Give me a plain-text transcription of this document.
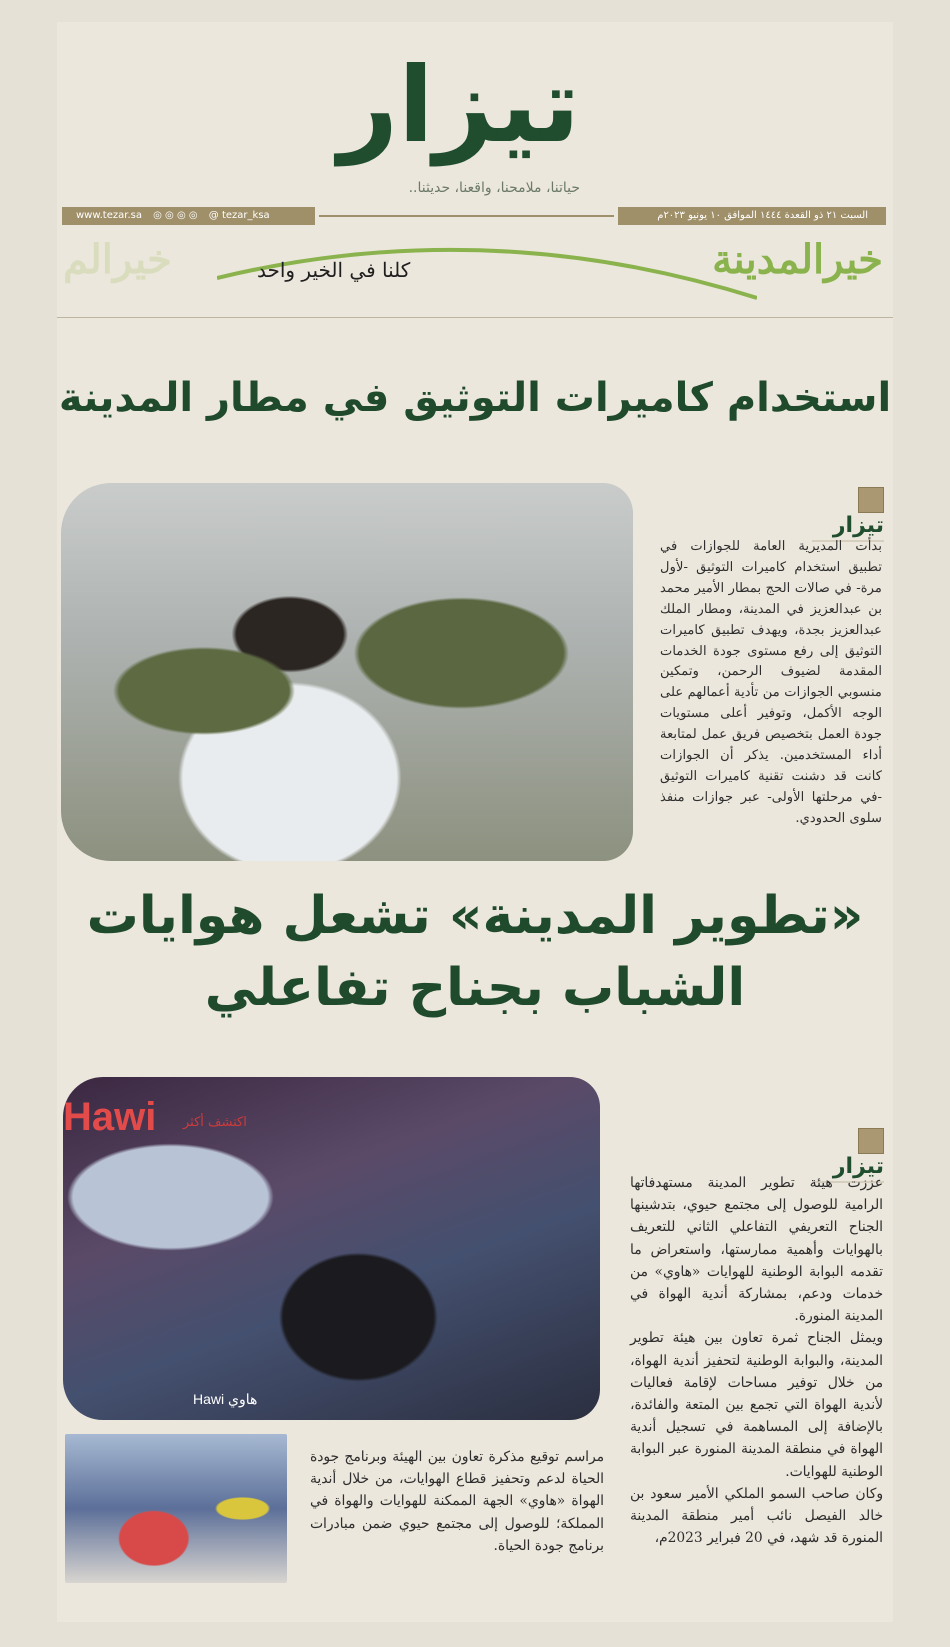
تيزار
حياتنا، ملامحنا، واقعنا، حديثنا..
السبت ٢١ ذو القعدة ١٤٤٤ الموافق ١٠ يونيو ٢٠٢٣م
www.tezar.sa ◎ ◎ ◎ ◎ @ tezar_ksa
خيرالمدينة
خيرالم	كلنا في الخير واحد
استخدام كاميرات التوثيق في مطار المدينة
تيزار

بدأت المديرية العامة للجوازات في تطبيق استخدام كاميرات التوثيق -لأول مرة- في صالات الحج بمطار الأمير محمد بن عبدالعزيز في المدينة، ومطار الملك عبدالعزيز بجدة، ويهدف تطبيق كاميرات التوثيق إلى رفع مستوى جودة الخدمات المقدمة لضيوف الرحمن، وتمكين منسوبي الجوازات من تأدية أعمالهم على الوجه الأكمل، وتوفير أعلى مستويات جودة العمل بتخصيص فريق عمل لمتابعة أداء المستخدمين. يذكر أن الجوازات كانت قد دشنت تقنية كاميرات التوثيق -في مرحلتها الأولى- عبر جوازات منفذ سلوى الحدودي.

«تطوير المدينة» تشعل هوايات
الشباب بجناح تفاعلي
Hawi اكتشف أكثر
Hawi هاوي
تيزار

عززت هيئة تطوير المدينة مستهدفاتها الرامية للوصول إلى مجتمع حيوي، بتدشينها الجناح التعريفي التفاعلي الثاني للتعريف بالهوايات وأهمية ممارستها، واستعراض ما تقدمه البوابة الوطنية للهوايات «هاوي» من خدمات ودعم، بمشاركة أندية الهواة في المدينة المنورة.

ويمثل الجناح ثمرة تعاون بين هيئة تطوير المدينة، والبوابة الوطنية لتحفيز أندية الهواة، من خلال توفير مساحات لإقامة فعاليات لأندية الهواة التي تجمع بين المتعة والفائدة، بالإضافة إلى المساهمة في تسجيل أندية الهواة في منطقة المدينة المنورة عبر البوابة الوطنية للهوايات.

وكان صاحب السمو الملكي الأمير سعود بن خالد الفيصل نائب أمير منطقة المدينة المنورة قد شهد، في 20 فبراير 2023م،

مراسم توقيع مذكرة تعاون بين الهيئة وبرنامج جودة الحياة لدعم وتحفيز قطاع الهوايات، من خلال أندية الهواة «هاوي» الجهة الممكنة للهوايات والهواة في المملكة؛ للوصول إلى مجتمع حيوي ضمن مبادرات برنامج جودة الحياة.
